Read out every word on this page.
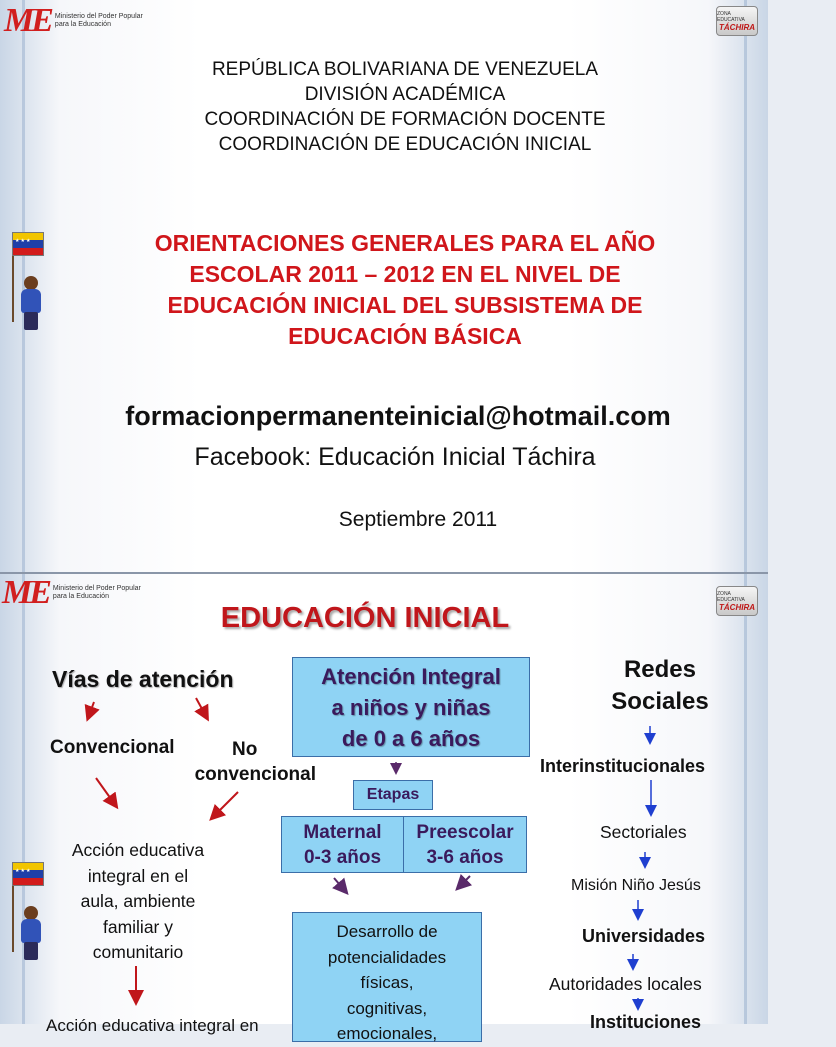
ME Ministerio del Poder Popular
para la Educación
ZONA EDUCATIVA
TÁCHIRA
★★★
REPÚBLICA BOLIVARIANA DE VENEZUELA
DIVISIÓN ACADÉMICA
COORDINACIÓN DE FORMACIÓN DOCENTE
COORDINACIÓN DE EDUCACIÓN INICIAL
ORIENTACIONES GENERALES PARA EL AÑO
ESCOLAR 2011 – 2012 EN EL NIVEL DE
EDUCACIÓN INICIAL DEL SUBSISTEMA DE
EDUCACIÓN BÁSICA
formacionpermanenteinicial@hotmail.com
Facebook: Educación Inicial Táchira
Septiembre 2011
ME Ministerio del Poder Popular
para la Educación	ZONA EDUCATIVA
TÁCHIRA
★★★
EDUCACIÓN INICIAL
Vías de atención
Convencional	No
convencional
Acción educativa
integral en el
aula, ambiente
familiar y
comunitario
Acción educativa integral en
Atención Integral
a niños y niñas
de 0 a 6 años
Etapas
Maternal
0-3 años
Preescolar
3-6 años
Desarrollo de
potencialidades
físicas,
cognitivas,
emocionales,
Redes
Sociales
Interinstitucionales
Sectoriales
Misión Niño Jesús
Universidades
Autoridades locales
Instituciones
